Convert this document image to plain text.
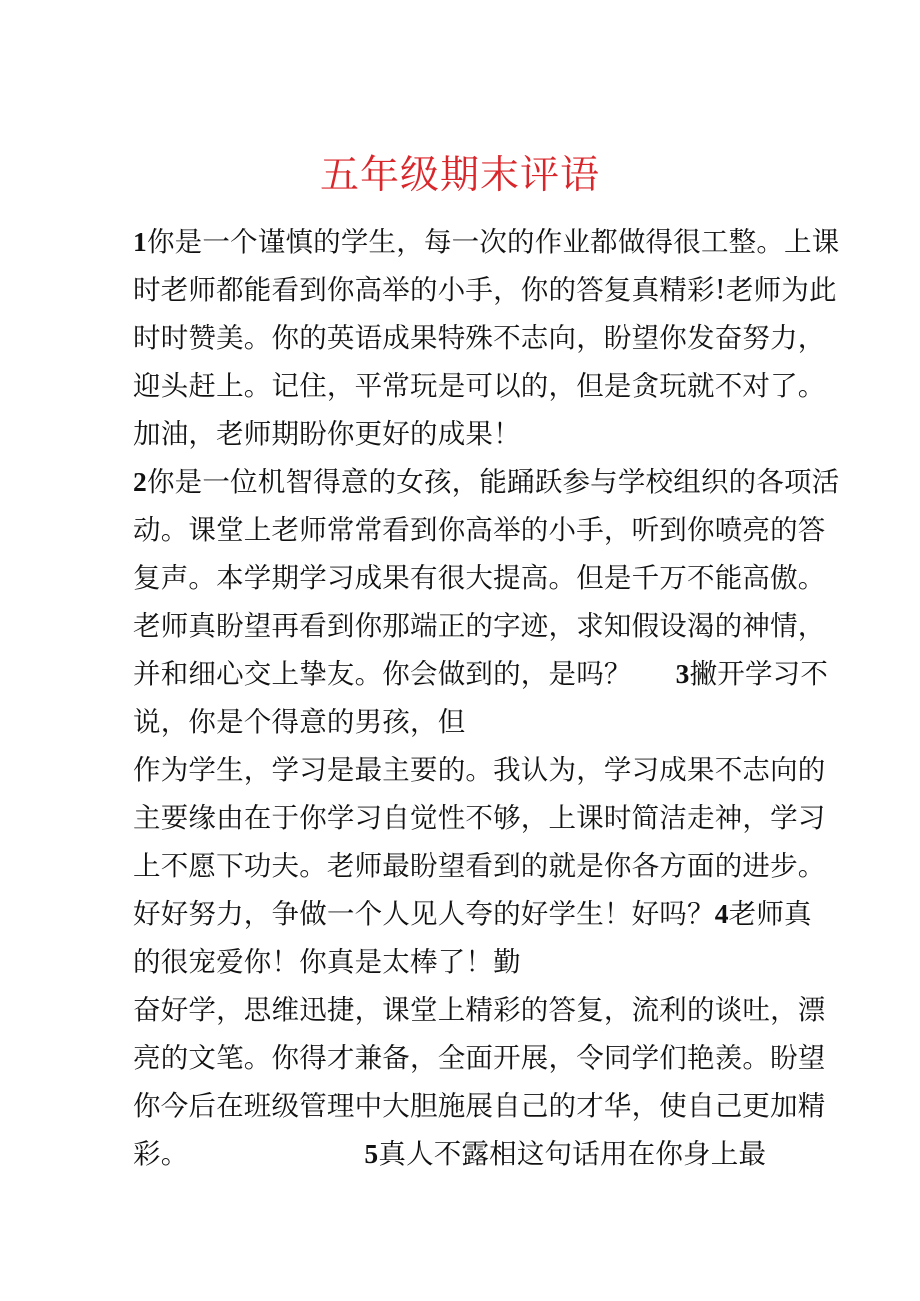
五年级期末评语
1你是一个谨慎的学生，每一次的作业都做得很工整。上课
时老师都能看到你高举的小手，你的答复真精彩!老师为此
时时赞美。你的英语成果特殊不志向，盼望你发奋努力，
迎头赶上。记住，平常玩是可以的，但是贪玩就不对了。
加油，老师期盼你更好的成果！
2你是一位机智得意的女孩，能踊跃参与学校组织的各项活
动。课堂上老师常常看到你高举的小手，听到你喷亮的答
复声。本学期学习成果有很大提高。但是千万不能高傲。
老师真盼望再看到你那端正的字迹，求知假设渴的神情，
并和细心交上挚友。你会做到的，是吗？ 3撇开学习不
说，你是个得意的男孩，但
作为学生，学习是最主要的。我认为，学习成果不志向的
主要缘由在于你学习自觉性不够，上课时简洁走神，学习
上不愿下功夫。老师最盼望看到的就是你各方面的进步。
好好努力，争做一个人见人夸的好学生！好吗？4老师真
的很宠爱你！你真是太棒了！勤
奋好学，思维迅捷，课堂上精彩的答复，流利的谈吐，漂
亮的文笔。你得才兼备，全面开展，令同学们艳羡。盼望
你今后在班级管理中大胆施展自己的才华，使自己更加精
彩。	5真人不露相这句话用在你身上最
